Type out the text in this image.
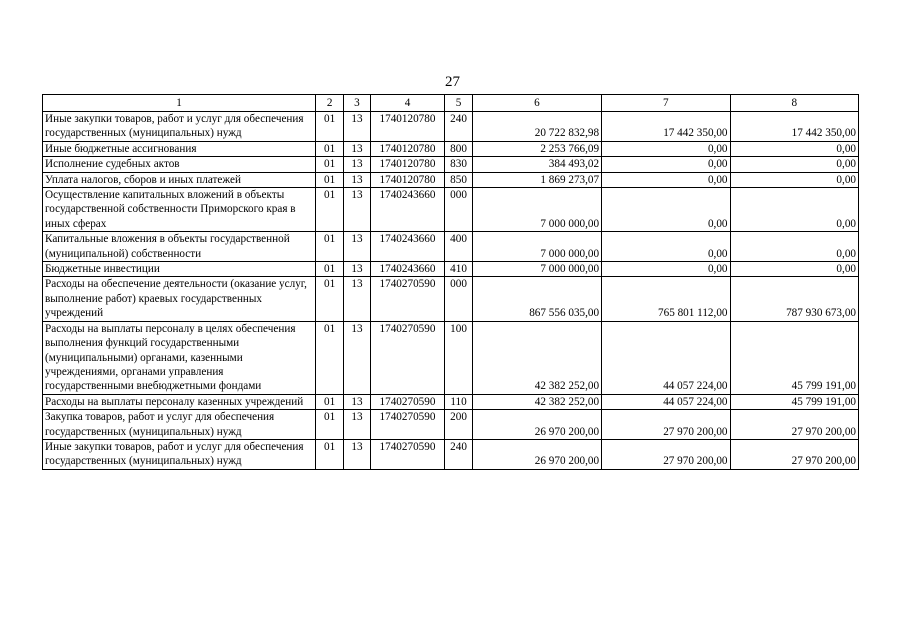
27
1	2	3	4	5	6	7	8
Иные закупки товаров, работ и услуг для обеспечения государственных (муниципальных) нужд	01	13	1740120780	240	20 722 832,98	17 442 350,00	17 442 350,00
Иные бюджетные ассигнования	01	13	1740120780	800	2 253 766,09	0,00	0,00
Исполнение судебных актов	01	13	1740120780	830	384 493,02	0,00	0,00
Уплата налогов, сборов и иных платежей	01	13	1740120780	850	1 869 273,07	0,00	0,00
Осуществление капитальных вложений в объекты государственной собственности Приморского края в иных сферах	01	13	1740243660	000	7 000 000,00	0,00	0,00
Капитальные вложения в объекты государственной (муниципальной) собственности	01	13	1740243660	400	7 000 000,00	0,00	0,00
Бюджетные инвестиции	01	13	1740243660	410	7 000 000,00	0,00	0,00
Расходы на обеспечение деятельности (оказание услуг, выполнение работ) краевых государственных учреждений	01	13	1740270590	000	867 556 035,00	765 801 112,00	787 930 673,00
Расходы на выплаты персоналу в целях обеспечения выполнения функций государственными (муниципальными) органами, казенными учреждениями, органами управления государственными внебюджетными фондами	01	13	1740270590	100	42 382 252,00	44 057 224,00	45 799 191,00
Расходы на выплаты персоналу казенных учреждений	01	13	1740270590	110	42 382 252,00	44 057 224,00	45 799 191,00
Закупка товаров, работ и услуг для обеспечения государственных (муниципальных) нужд	01	13	1740270590	200	26 970 200,00	27 970 200,00	27 970 200,00
Иные закупки товаров, работ и услуг для обеспечения государственных (муниципальных) нужд	01	13	1740270590	240	26 970 200,00	27 970 200,00	27 970 200,00
